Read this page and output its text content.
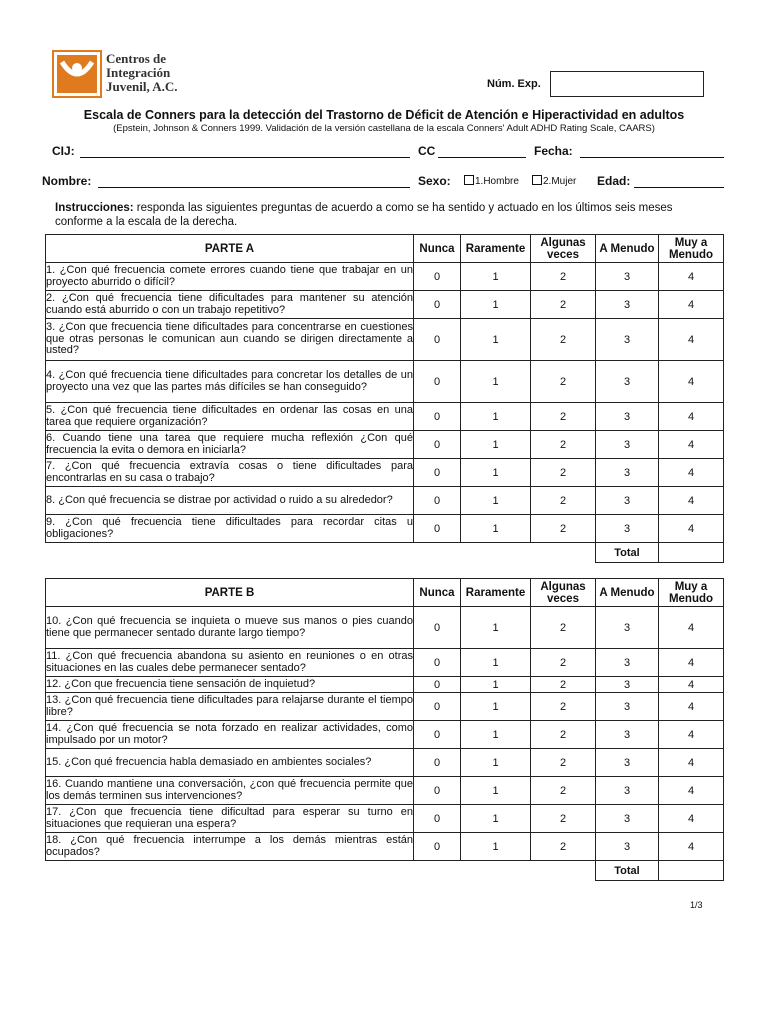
Centros de
Integración
Juvenil, A.C.	Núm. Exp.
Escala de Conners para la detección del Trastorno de Déficit de Atención e Hiperactividad en adultos
(Epstein, Johnson & Conners 1999. Validación de la versión castellana de la escala Conners' Adult ADHD Rating Scale, CAARS)
CIJ:	CC	Fecha:
Nombre:	Sexo:	1.Hombre	2.Mujer Edad:
Instrucciones: responda las siguientes preguntas de acuerdo a como se ha sentido y actuado en los últimos seis meses conforme a la escala de la derecha.
PARTE A	Nunca	Raramente	Algunas veces	A Menudo	Muy a Menudo
1. ¿Con qué frecuencia comete errores cuando tiene que trabajar en un proyecto aburrido o difícil?	0	1	2	3	4
2. ¿Con qué frecuencia tiene dificultades para mantener su atención cuando está aburrido o con un trabajo repetitivo?	0	1	2	3	4
3. ¿Con que frecuencia tiene dificultades para concentrarse en cuestiones que otras personas le comunican aun cuando se dirigen directamente a usted?	0	1	2	3	4
4. ¿Con qué frecuencia tiene dificultades para concretar los detalles de un proyecto una vez que las partes más difíciles se han conseguido?	0	1	2	3	4
5. ¿Con qué frecuencia tiene dificultades en ordenar las cosas en una tarea que requiere organización?	0	1	2	3	4
6. Cuando tiene una tarea que requiere mucha reflexión ¿Con qué frecuencia la evita o demora en iniciarla?	0	1	2	3	4
7. ¿Con qué frecuencia extravía cosas o tiene dificultades para encontrarlas en su casa o trabajo?	0	1	2	3	4
8. ¿Con qué frecuencia se distrae por actividad o ruido a su alrededor?	0	1	2	3	4
9. ¿Con qué frecuencia tiene dificultades para recordar citas u obligaciones?	0	1	2	3	4
				Total	
PARTE B	Nunca	Raramente	Algunas veces	A Menudo	Muy a Menudo
10. ¿Con qué frecuencia se inquieta o mueve sus manos o pies cuando tiene que permanecer sentado durante largo tiempo?	0	1	2	3	4
11. ¿Con qué frecuencia abandona su asiento en reuniones o en otras situaciones en las cuales debe permanecer sentado?	0	1	2	3	4
12. ¿Con que frecuencia tiene sensación de inquietud?	0	1	2	3	4
13. ¿Con qué frecuencia tiene dificultades para relajarse durante el tiempo libre?	0	1	2	3	4
14. ¿Con qué frecuencia se nota forzado en realizar actividades, como impulsado por un motor?	0	1	2	3	4
15. ¿Con qué frecuencia habla demasiado en ambientes sociales?	0	1	2	3	4
16. Cuando mantiene una conversación, ¿con qué frecuencia permite que los demás terminen sus intervenciones?	0	1	2	3	4
17. ¿Con que frecuencia tiene dificultad para esperar su turno en situaciones que requieran una espera?	0	1	2	3	4
18. ¿Con qué frecuencia interrumpe a los demás mientras están ocupados?	0	1	2	3	4
				Total	
1/3
